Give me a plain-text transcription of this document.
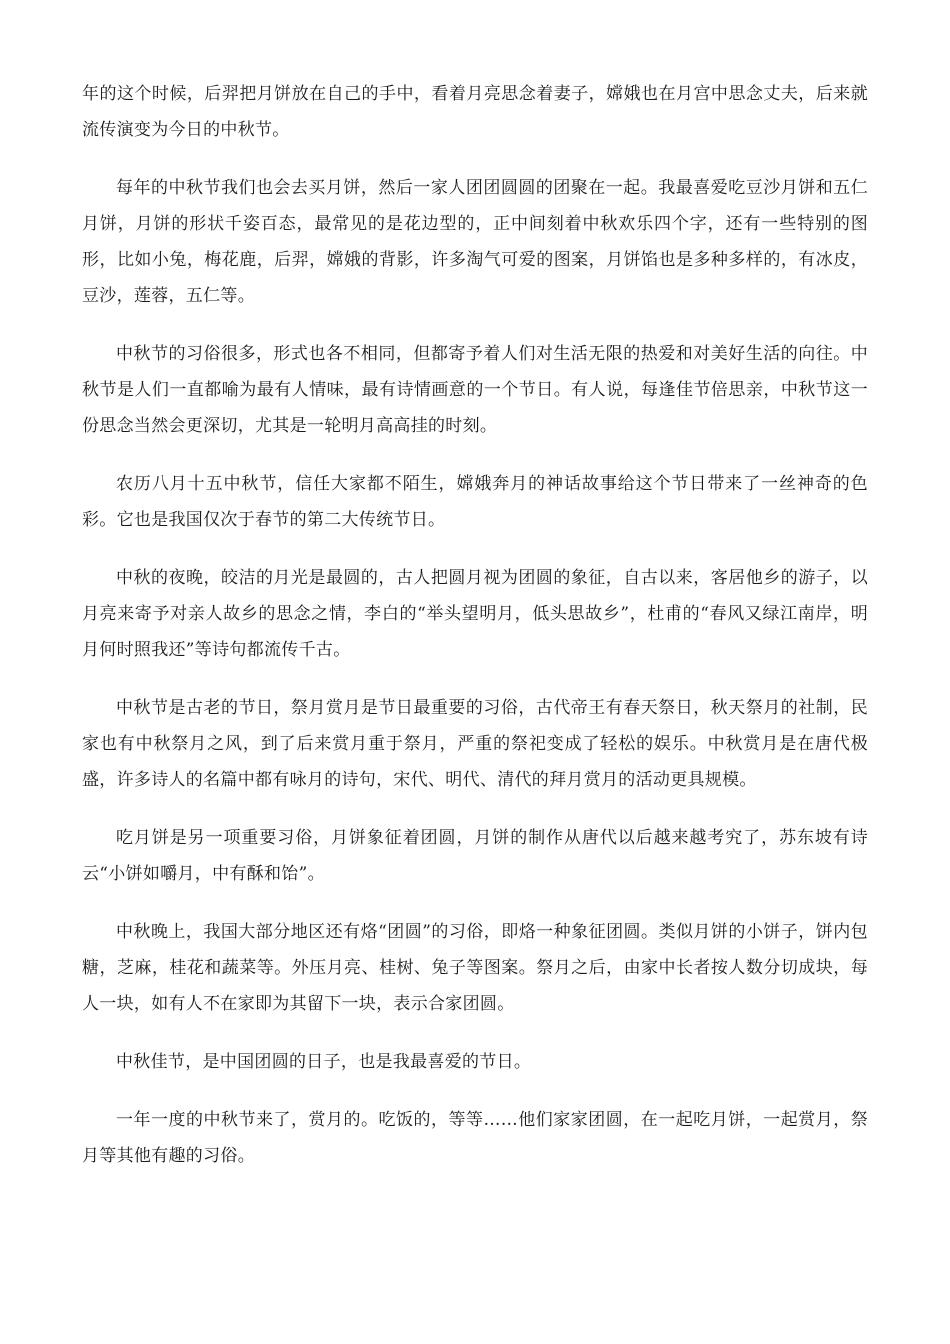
年的这个时候，后羿把月饼放在自己的手中，看着月亮思念着妻子，嫦娥也在月宫中思念丈夫，后来就流传演变为今日的中秋节。

每年的中秋节我们也会去买月饼，然后一家人团团圆圆的团聚在一起。我最喜爱吃豆沙月饼和五仁月饼，月饼的形状千姿百态，最常见的是花边型的，正中间刻着中秋欢乐四个字，还有一些特别的图形，比如小兔，梅花鹿，后羿，嫦娥的背影，许多淘气可爱的图案，月饼馅也是多种多样的，有冰皮，豆沙，莲蓉，五仁等。

中秋节的习俗很多，形式也各不相同，但都寄予着人们对生活无限的热爱和对美好生活的向往。中秋节是人们一直都喻为最有人情味，最有诗情画意的一个节日。有人说，每逢佳节倍思亲，中秋节这一份思念当然会更深切，尤其是一轮明月高高挂的时刻。

农历八月十五中秋节，信任大家都不陌生，嫦娥奔月的神话故事给这个节日带来了一丝神奇的色彩。它也是我国仅次于春节的第二大传统节日。

中秋的夜晚，皎洁的月光是最圆的，古人把圆月视为团圆的象征，自古以来，客居他乡的游子，以月亮来寄予对亲人故乡的思念之情，李白的“举头望明月，低头思故乡”，杜甫的“春风又绿江南岸，明月何时照我还”等诗句都流传千古。

中秋节是古老的节日，祭月赏月是节日最重要的习俗，古代帝王有春天祭日，秋天祭月的社制，民家也有中秋祭月之风，到了后来赏月重于祭月，严重的祭祀变成了轻松的娱乐。中秋赏月是在唐代极盛，许多诗人的名篇中都有咏月的诗句，宋代、明代、清代的拜月赏月的活动更具规模。

吃月饼是另一项重要习俗，月饼象征着团圆，月饼的制作从唐代以后越来越考究了，苏东坡有诗云“小饼如嚼月，中有酥和饴”。

中秋晚上，我国大部分地区还有烙“团圆”的习俗，即烙一种象征团圆。类似月饼的小饼子，饼内包糖，芝麻，桂花和蔬菜等。外压月亮、桂树、兔子等图案。祭月之后，由家中长者按人数分切成块，每人一块，如有人不在家即为其留下一块，表示合家团圆。

中秋佳节，是中国团圆的日子，也是我最喜爱的节日。

一年一度的中秋节来了，赏月的。吃饭的，等等……他们家家团圆，在一起吃月饼，一起赏月，祭月等其他有趣的习俗。
